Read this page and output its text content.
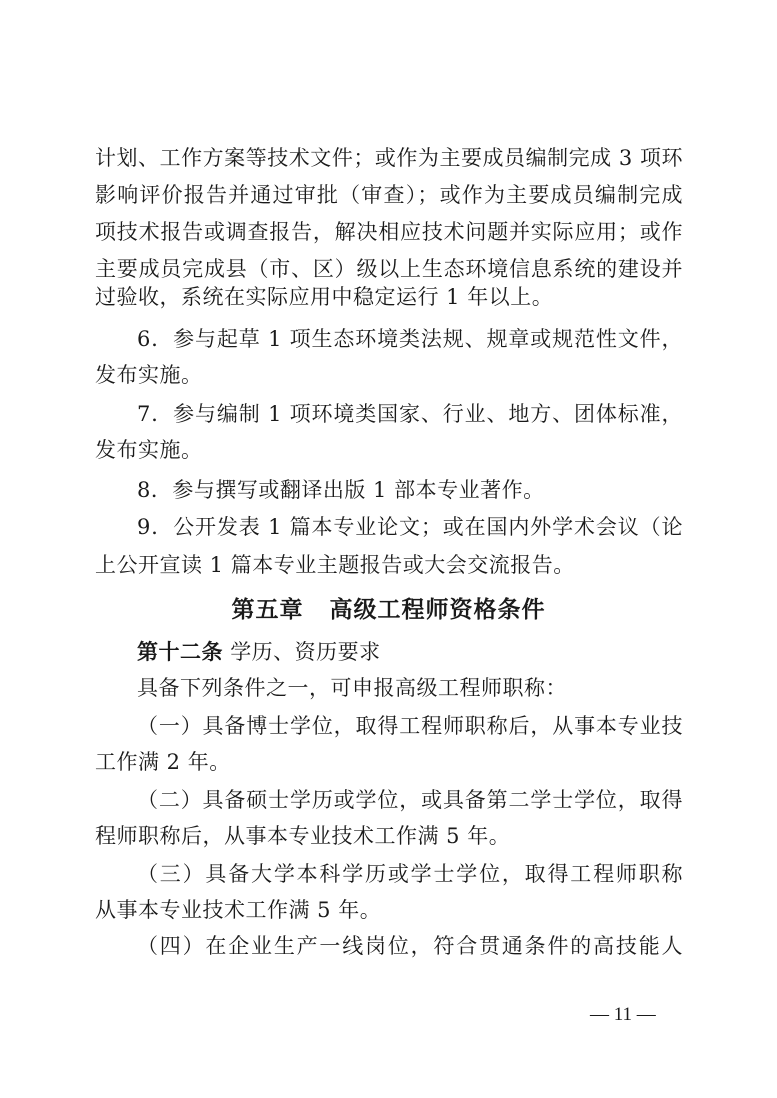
计划、工作方案等技术文件；或作为主要成员编制完成 3 项环
影响评价报告并通过审批（审查）；或作为主要成员编制完成
项技术报告或调查报告，解决相应技术问题并实际应用；或作
主要成员完成县（市、区）级以上生态环境信息系统的建设并
过验收，系统在实际应用中稳定运行 1 年以上。
6．参与起草 1 项生态环境类法规、规章或规范性文件，
发布实施。
7．参与编制 1 项环境类国家、行业、地方、团体标准，
发布实施。
8．参与撰写或翻译出版 1 部本专业著作。
9．公开发表 1 篇本专业论文；或在国内外学术会议（论
上公开宣读 1 篇本专业主题报告或大会交流报告。
第五章 高级工程师资格条件
第十二条 学历、资历要求
具备下列条件之一，可申报高级工程师职称：
（一）具备博士学位，取得工程师职称后，从事本专业技
工作满 2 年。
（二）具备硕士学历或学位，或具备第二学士学位，取得
程师职称后，从事本专业技术工作满 5 年。
（三）具备大学本科学历或学士学位，取得工程师职称
从事本专业技术工作满 5 年。
（四）在企业生产一线岗位，符合贯通条件的高技能人
— 11 —
